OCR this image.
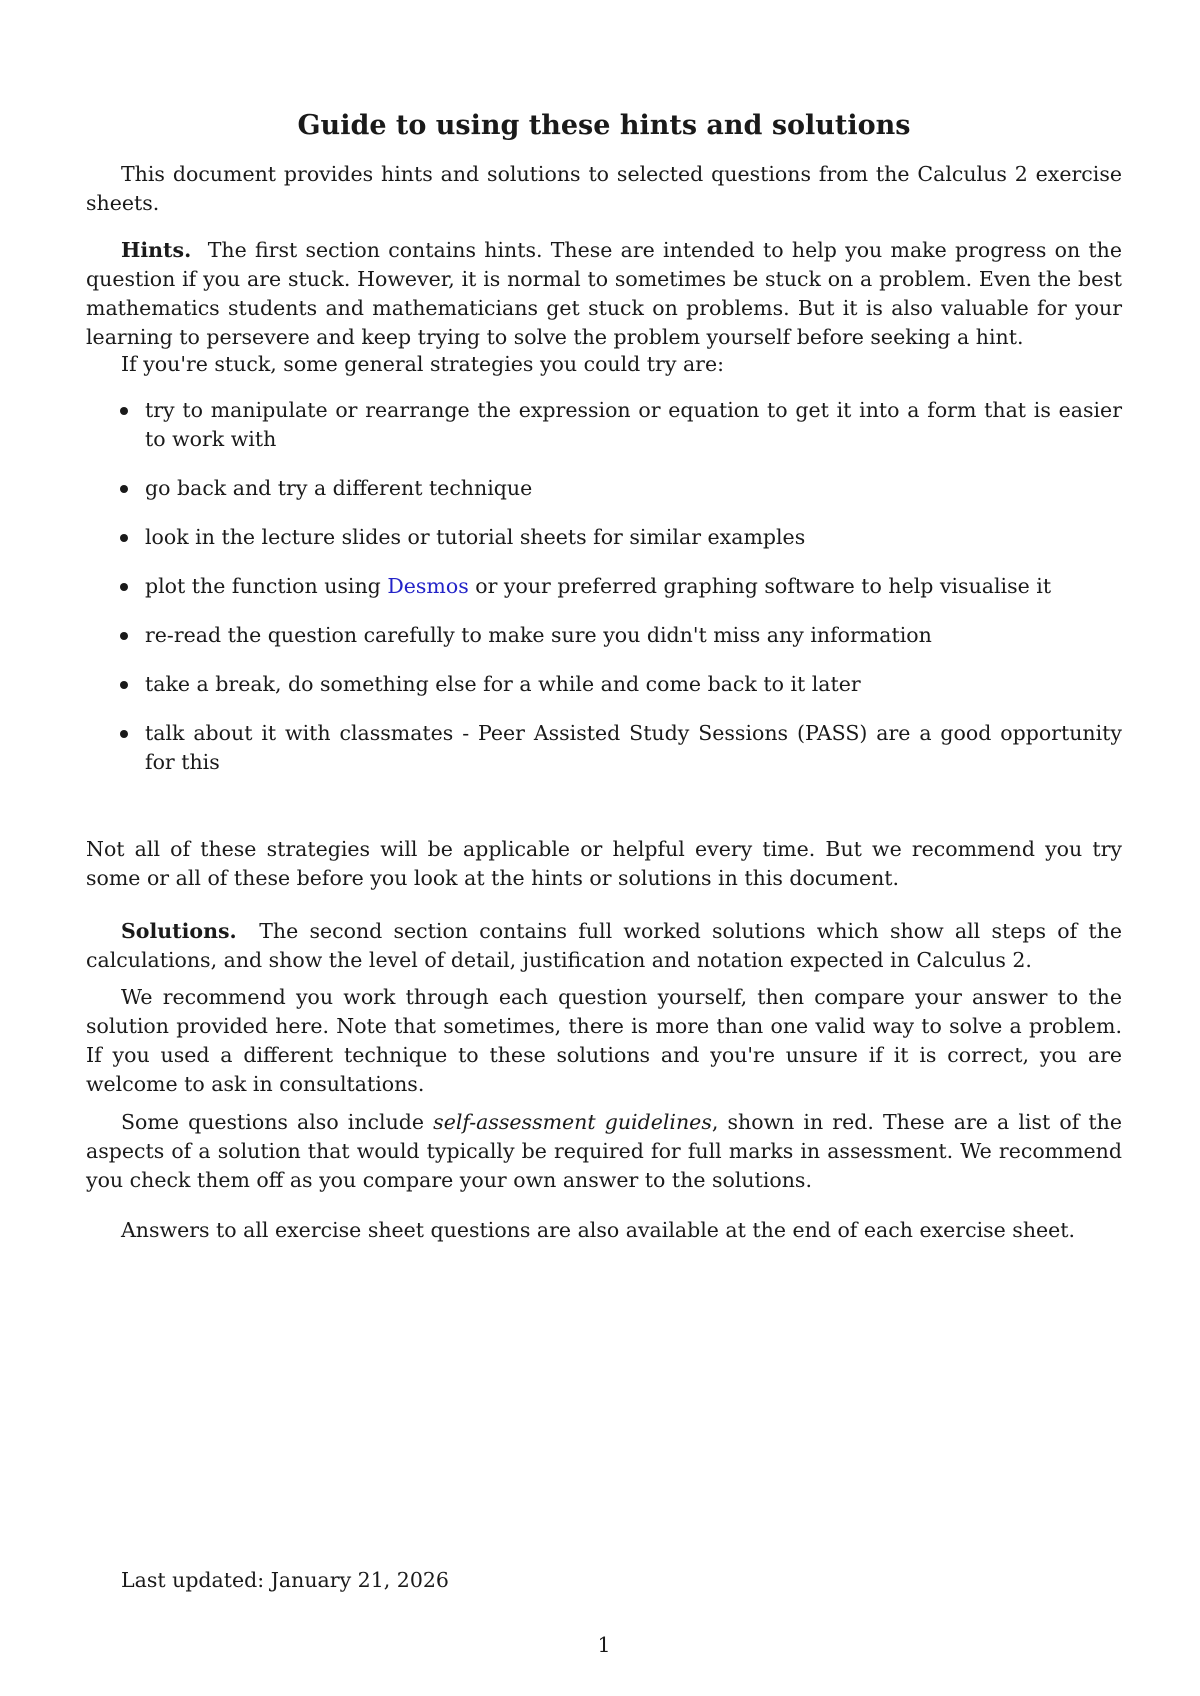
Guide to using these hints and solutions

This document provides hints and solutions to selected questions from the Calculus 2 exercise sheets.

Hints. The first section contains hints. These are intended to help you make progress on the question if you are stuck. However, it is normal to sometimes be stuck on a problem. Even the best mathematics students and mathematicians get stuck on problems. But it is also valuable for your learning to persevere and keep trying to solve the problem yourself before seeking a hint.

If you're stuck, some general strategies you could try are:

try to manipulate or rearrange the expression or equation to get it into a form that is easier to work with
go back and try a different technique
look in the lecture slides or tutorial sheets for similar examples
plot the function using Desmos or your preferred graphing software to help visualise it
re-read the question carefully to make sure you didn't miss any information
take a break, do something else for a while and come back to it later
talk about it with classmates - Peer Assisted Study Sessions (PASS) are a good opportunity for this

Not all of these strategies will be applicable or helpful every time. But we recommend you try some or all of these before you look at the hints or solutions in this document.

Solutions. The second section contains full worked solutions which show all steps of the calculations, and show the level of detail, justification and notation expected in Calculus 2.

We recommend you work through each question yourself, then compare your answer to the solution provided here. Note that sometimes, there is more than one valid way to solve a problem. If you used a different technique to these solutions and you're unsure if it is correct, you are welcome to ask in consultations.

Some questions also include self-assessment guidelines, shown in red. These are a list of the aspects of a solution that would typically be required for full marks in assessment. We recommend you check them off as you compare your own answer to the solutions.

Answers to all exercise sheet questions are also available at the end of each exercise sheet.

Last updated: January 21, 2026
1
